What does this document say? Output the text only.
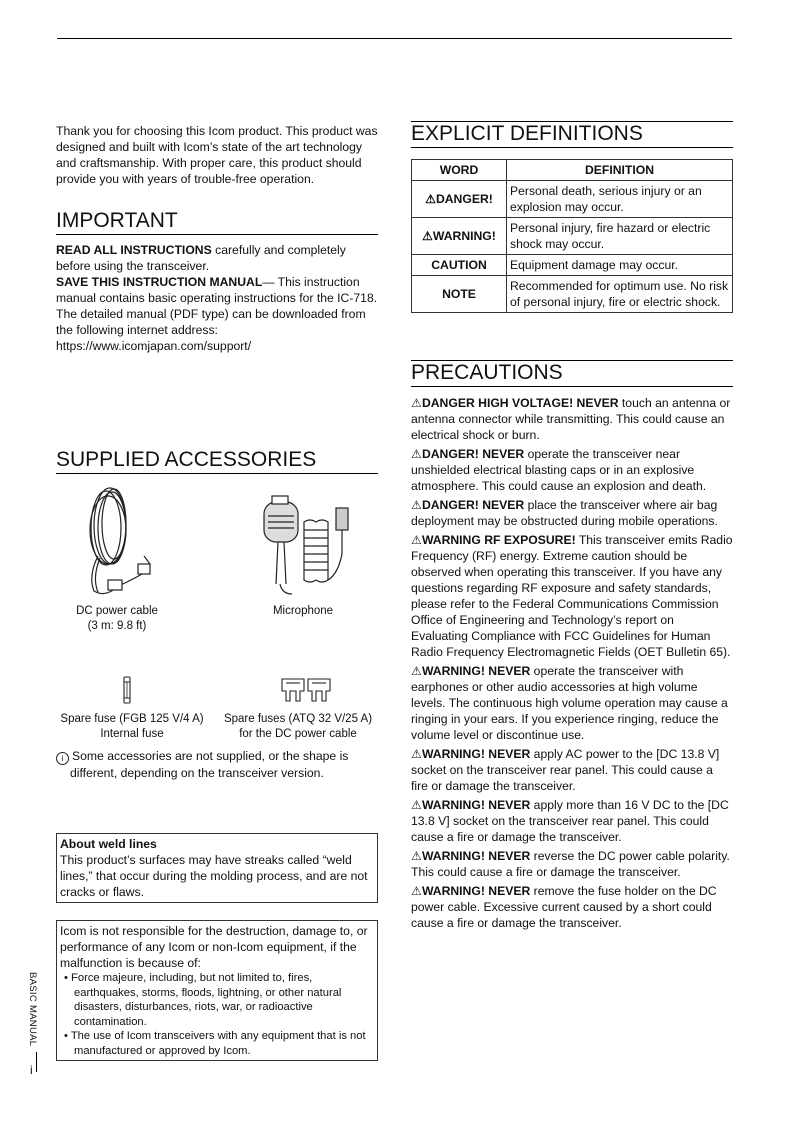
Thank you for choosing this Icom product. This product was designed and built with Icom’s state of the art technology and craftsmanship. With proper care, this product should provide you with years of trouble-free operation.

IMPORTANT

READ ALL INSTRUCTIONS carefully and completely before using the transceiver.

SAVE THIS INSTRUCTION MANUAL— This instruction manual contains basic operating instructions for the IC-718.

The detailed manual (PDF type) can be downloaded from the following internet address:

https://www.icomjapan.com/support/

SUPPLIED ACCESSORIES
DC power cable
(3 m: 9.8 ft)
Microphone
Spare fuse (FGB 125 V/4 A)
Internal fuse
Spare fuses (ATQ 32 V/25 A)
for the DC power cable
i Some accessories are not supplied, or the shape is different, depending on the transceiver version.
About weld lines
This product’s surfaces may have streaks called “weld lines,” that occur during the molding process, and are not cracks or flaws.
Icom is not responsible for the destruction, damage to, or performance of any Icom or non-Icom equipment, if the malfunction is because of:
• Force majeure, including, but not limited to, fires, earthquakes, storms, floods, lightning, or other natural disasters, disturbances, riots, war, or radioactive contamination.
• The use of Icom transceivers with any equipment that is not manufactured or approved by Icom.
EXPLICIT DEFINITIONS
WORD	DEFINITION
⚠DANGER!	Personal death, serious injury or an explosion may occur.
⚠WARNING!	Personal injury, fire hazard or electric shock may occur.
CAUTION	Equipment damage may occur.
NOTE	Recommended for optimum use. No risk of personal injury, fire or electric shock.
PRECAUTIONS

⚠DANGER HIGH VOLTAGE! NEVER touch an antenna or antenna connector while transmitting. This could cause an electrical shock or burn.

⚠DANGER! NEVER operate the transceiver near unshielded electrical blasting caps or in an explosive atmosphere. This could cause an explosion and death.

⚠DANGER! NEVER place the transceiver where air bag deployment may be obstructed during mobile operations.

⚠WARNING RF EXPOSURE! This transceiver emits Radio Frequency (RF) energy. Extreme caution should be observed when operating this transceiver. If you have any questions regarding RF exposure and safety standards, please refer to the Federal Communications Commission Office of Engineering and Technology’s report on Evaluating Compliance with FCC Guidelines for Human Radio Frequency Electromagnetic Fields (OET Bulletin 65).

⚠WARNING! NEVER operate the transceiver with earphones or other audio accessories at high volume levels. The continuous high volume operation may cause a ringing in your ears. If you experience ringing, reduce the volume level or discontinue use.

⚠WARNING! NEVER apply AC power to the [DC 13.8 V] socket on the transceiver rear panel. This could cause a fire or damage the transceiver.

⚠WARNING! NEVER apply more than 16 V DC to the [DC 13.8 V] socket on the transceiver rear panel. This could cause a fire or damage the transceiver.

⚠WARNING! NEVER reverse the DC power cable polarity. This could cause a fire or damage the transceiver.

⚠WARNING! NEVER remove the fuse holder on the DC power cable. Excessive current caused by a short could cause a fire or damage the transceiver.

BASIC MANUAL
i
